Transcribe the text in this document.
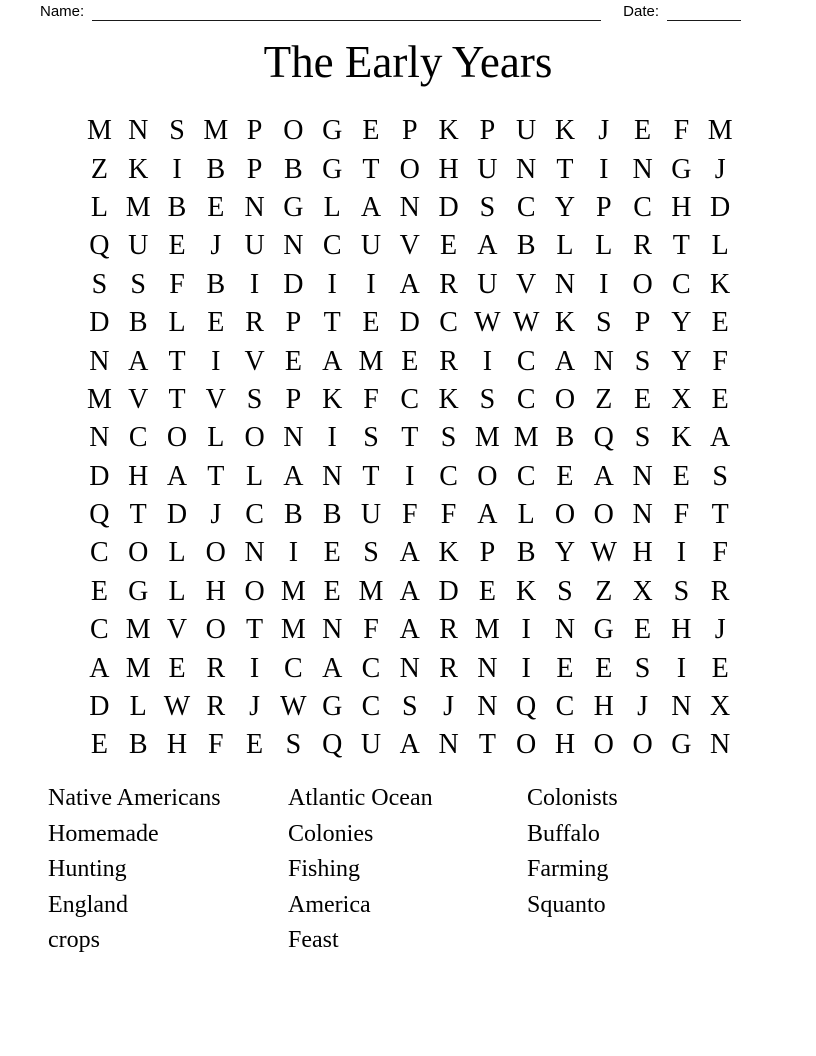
Name:	Date:
The Early Years
M N S M P O G E P K P U K J E F M
Z K I B P B G T O H U N T I N G J
L M B E N G L A N D S C Y P C H D
Q U E J U N C U V E A B L L R T L
S S F B I D I	I A R U V N I O C K
D B L E R P T E D C W W K S P Y E
N A T I V E A M E R I C A N S Y F
M V T V S P K F C K S C O Z E X E
N C O L O N I S T S M M B Q S K A
D H A T L A N T I C O C E A N E S
Q T D J C B B U F F A L O O N F T
C O L O N I E S A K P B Y W H I F
E G L H O M E M A D E K S Z X S R
C M V O T M N F A R M I N G E H J
A M E R I C A C N R N I E E S I E
D L W R J W G C S J N Q C H J N X
E B H F E S Q U A N T O H O O G N
Native Americans
Homemade
Hunting
England
crops
Atlantic Ocean
Colonies
Fishing
America
Feast
Colonists
Buffalo
Farming
Squanto
